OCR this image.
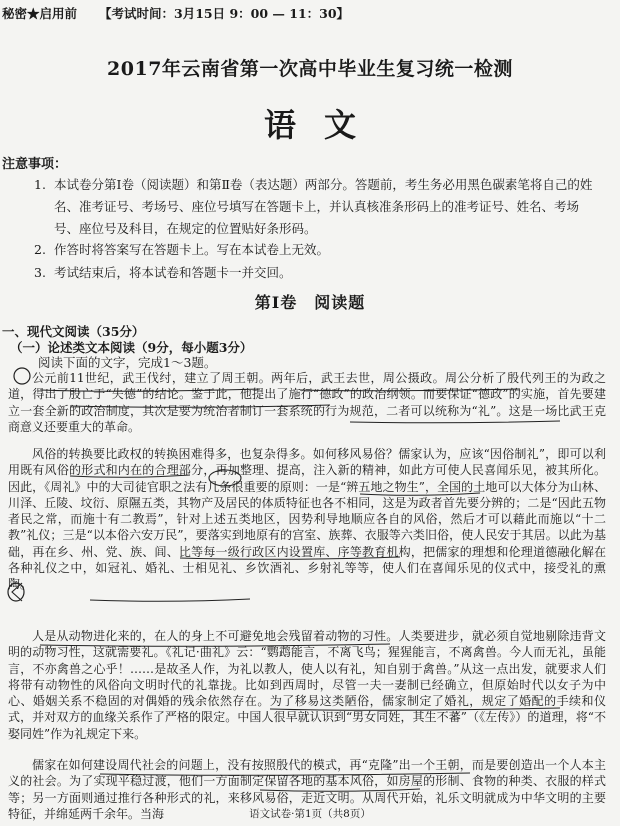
秘密★启用前 【考试时间：3月15日 9：00 — 11：30】
2017年云南省第一次高中毕业生复习统一检测
语文
注意事项：
1. 本试卷分第Ⅰ卷（阅读题）和第Ⅱ卷（表达题）两部分。答题前，考生务必用黑色碳素笔将自己的姓名、准考证号、考场号、座位号填写在答题卡上，并认真核准条形码上的准考证号、姓名、考场号、座位号及科目，在规定的位置贴好条形码。
2. 作答时将答案写在答题卡上。写在本试卷上无效。
3. 考试结束后，将本试卷和答题卡一并交回。
第Ⅰ卷　阅读题
一、现代文阅读（35分）
（一）论述类文本阅读（9分，每小题3分）
阅读下面的文字，完成1～3题。

公元前11世纪，武王伐纣，建立了周王朝。两年后，武王去世，周公摄政。周公分析了殷代列王的为政之道，得出了殷亡于“失德”的结论。鉴于此，他提出了施行“德政”的政治纲领。而要保证“德政”的实施，首先要建立一套全新的政治制度，其次是要为统治者制订一套系统的行为规范，二者可以统称为“礼”。这是一场比武王克商意义还要重大的革命。

风俗的转换要比政权的转换困难得多，也复杂得多。如何移风易俗？儒家认为，应该“因俗制礼”，即可以利用既有风俗的形式和内在的合理部分，再加整理、提高，注入新的精神，如此方可使人民喜闻乐见，被其所化。因此，《周礼》中的大司徒官职之法有几条很重要的原则：一是“辨五地之物生”，全国的土地可以大体分为山林、川泽、丘陵、坟衍、原隰五类，其物产及居民的体质特征也各不相同，这是为政者首先要分辨的；二是“因此五物者民之常，而施十有二教焉”，针对上述五类地区，因势利导地顺应各自的风俗，然后才可以藉此而施以“十二教”礼仪；三是“以本俗六安万民”，要落实到地原有的宫室、族葬、衣服等六类旧俗，使人民安于其居。以此为基础，再在乡、州、党、族、闾、比等每一级行政区内设置库、序等教育机构，把儒家的理想和伦理道德融化解在各种礼仪之中，如冠礼、婚礼、士相见礼、乡饮酒礼、乡射礼等等，使人们在喜闻乐见的仪式中，接受礼的熏陶。

人是从动物进化来的，在人的身上不可避免地会残留着动物的习性。人类要进步，就必须自觉地剔除违背文明的动物习性，这就需要礼。《礼记·曲礼》云：“鹦鹉能言，不离飞鸟；猩猩能言，不离禽兽。今人而无礼，虽能言，不亦禽兽之心乎！……是故圣人作，为礼以教人，使人以有礼，知自别于禽兽。”从这一点出发，就要求人们将带有动物性的风俗向文明时代的礼靠拢。比如到西周时，尽管一夫一妻制已经确立，但原始时代以女子为中心、婚姻关系不稳固的对偶婚的残余依然存在。为了移易这类陋俗，儒家制定了婚礼，规定了婚配的手续和仪式，并对双方的血缘关系作了严格的限定。中国人很早就认识到“男女同姓，其生不蕃”（《左传》）的道理，将“不娶同姓”作为礼规定下来。

儒家在如何建设周代社会的问题上，没有按照殷代的模式，再“克隆”出一个王朝，而是要创造出一个人本主义的社会。为了实现平稳过渡，他们一方面制定保留各地的基本风俗，如房屋的形制、食物的种类、衣服的样式等；另一方面则通过推行各种形式的礼，来移风易俗，走近文明。从周代开始，礼乐文明就成为中华文明的主要特征，并绵延两千余年。当海	语文试卷·第1页（共8页）
